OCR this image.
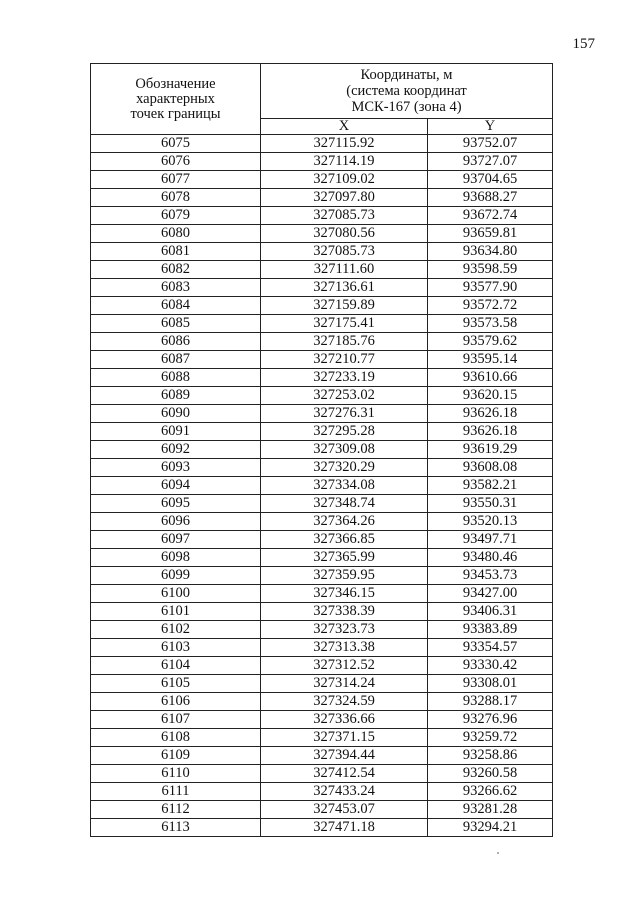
157
Обозначение
характерных
точек границы	Координаты, м
(система координат
МСК-167 (зона 4)	
	X	Y
6075	327115.92	93752.07
6076	327114.19	93727.07
6077	327109.02	93704.65
6078	327097.80	93688.27
6079	327085.73	93672.74
6080	327080.56	93659.81
6081	327085.73	93634.80
6082	327111.60	93598.59
6083	327136.61	93577.90
6084	327159.89	93572.72
6085	327175.41	93573.58
6086	327185.76	93579.62
6087	327210.77	93595.14
6088	327233.19	93610.66
6089	327253.02	93620.15
6090	327276.31	93626.18
6091	327295.28	93626.18
6092	327309.08	93619.29
6093	327320.29	93608.08
6094	327334.08	93582.21
6095	327348.74	93550.31
6096	327364.26	93520.13
6097	327366.85	93497.71
6098	327365.99	93480.46
6099	327359.95	93453.73
6100	327346.15	93427.00
6101	327338.39	93406.31
6102	327323.73	93383.89
6103	327313.38	93354.57
6104	327312.52	93330.42
6105	327314.24	93308.01
6106	327324.59	93288.17
6107	327336.66	93276.96
6108	327371.15	93259.72
6109	327394.44	93258.86
6110	327412.54	93260.58
6111	327433.24	93266.62
6112	327453.07	93281.28
6113	327471.18	93294.21
